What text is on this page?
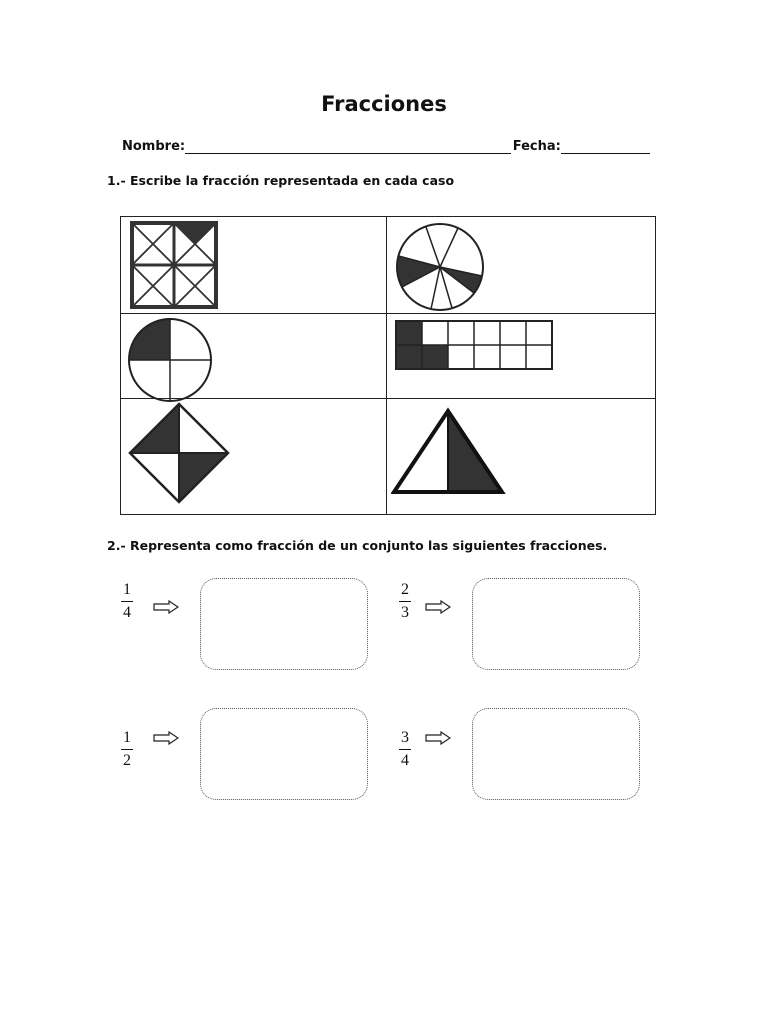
Fracciones
Nombre:	Fecha:
1.- Escribe la fracción representada en cada caso
2.- Representa como fracción de un conjunto las siguientes fracciones.
1
4
2
3
1
2
3
4
